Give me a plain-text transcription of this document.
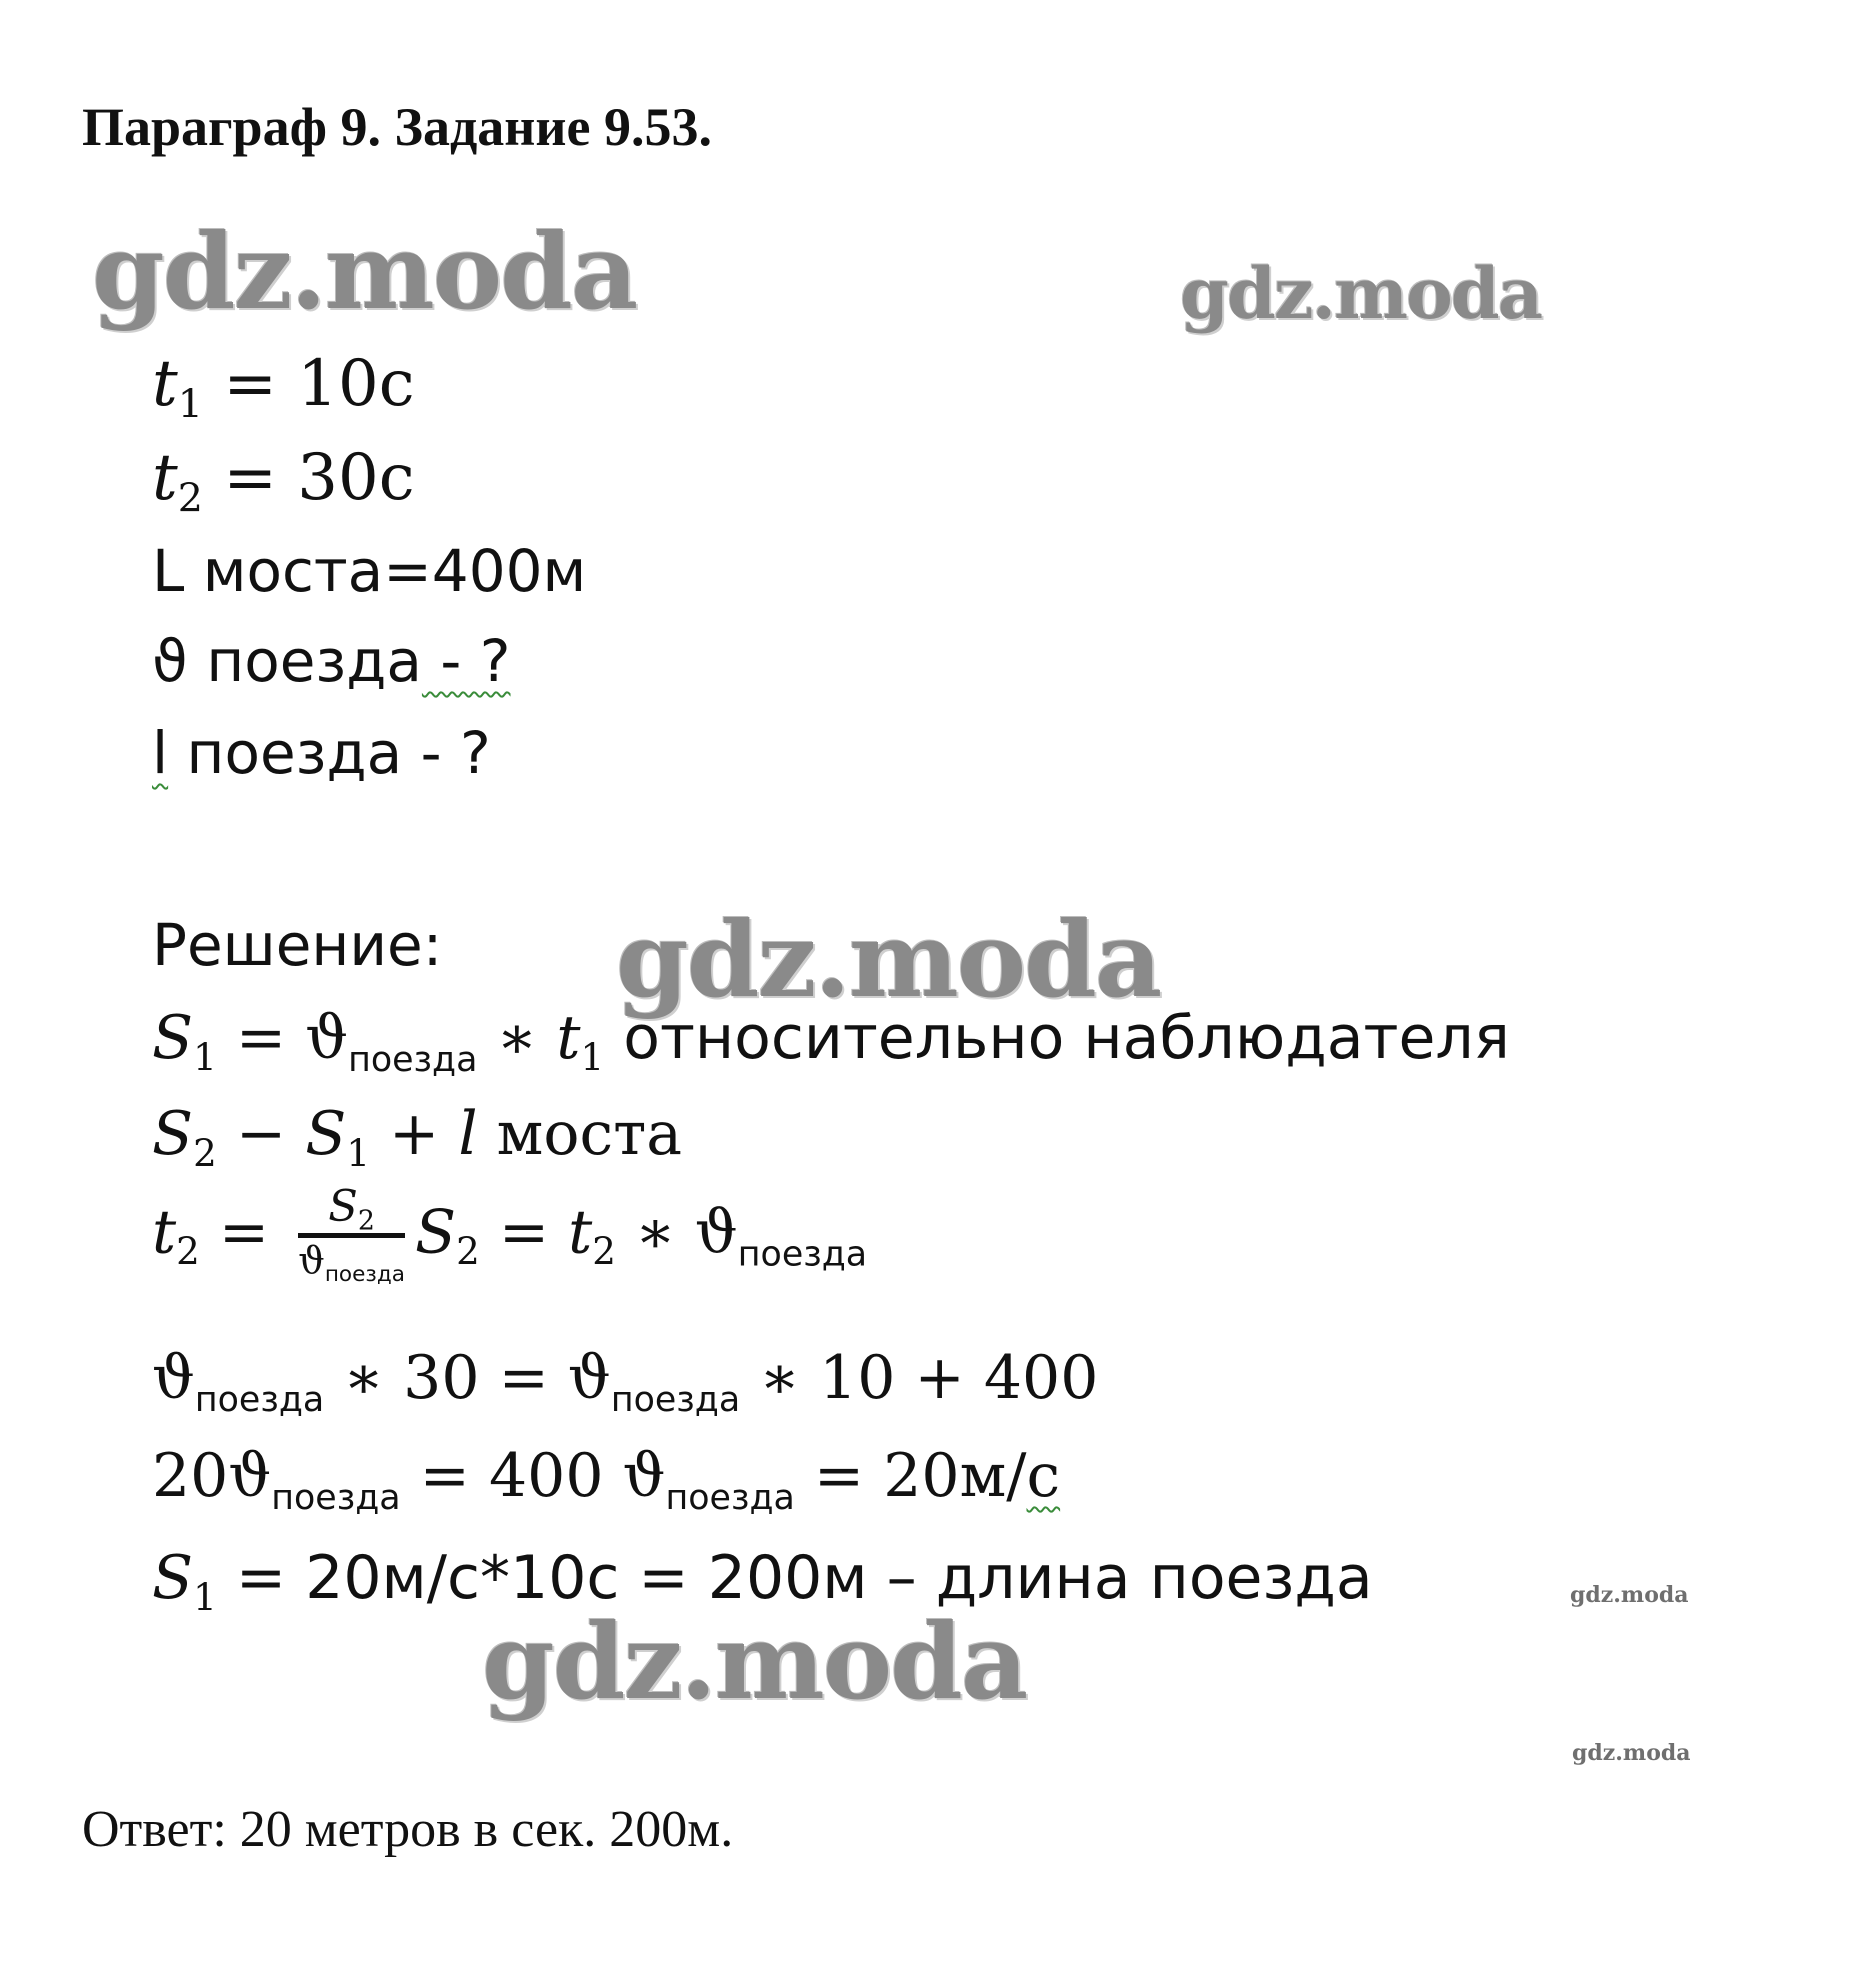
Параграф 9. Задание 9.53.
gdz.moda	gdz.moda
gdz.moda
gdz.moda
gdz.moda
gdz.moda
$t_1 = 10с$
$t_2 = 30с$
L моста=400м
ϑ поезда - ?
l поезда - ?
Решение:
$S_1 = ϑ_{поезда}$ ∗ $t_1$ относительно наблюдателя
$S_2 - S_1 + l$ моста
$t_2 = \frac{S_2}{ϑ_{поезда}} S_2 = t_2$ ∗ $ϑ_{поезда}$
$ϑ_{поезда}$ ∗ $30 = ϑ_{поезда}$ ∗ 10 + 400
$20ϑ_{поезда} = 400$ $ϑ_{поезда} = 20м/с$
$S_1 = 20м/с*10с = 200м$ – длина поезда
Ответ: 20 метров в сек. 200м.
